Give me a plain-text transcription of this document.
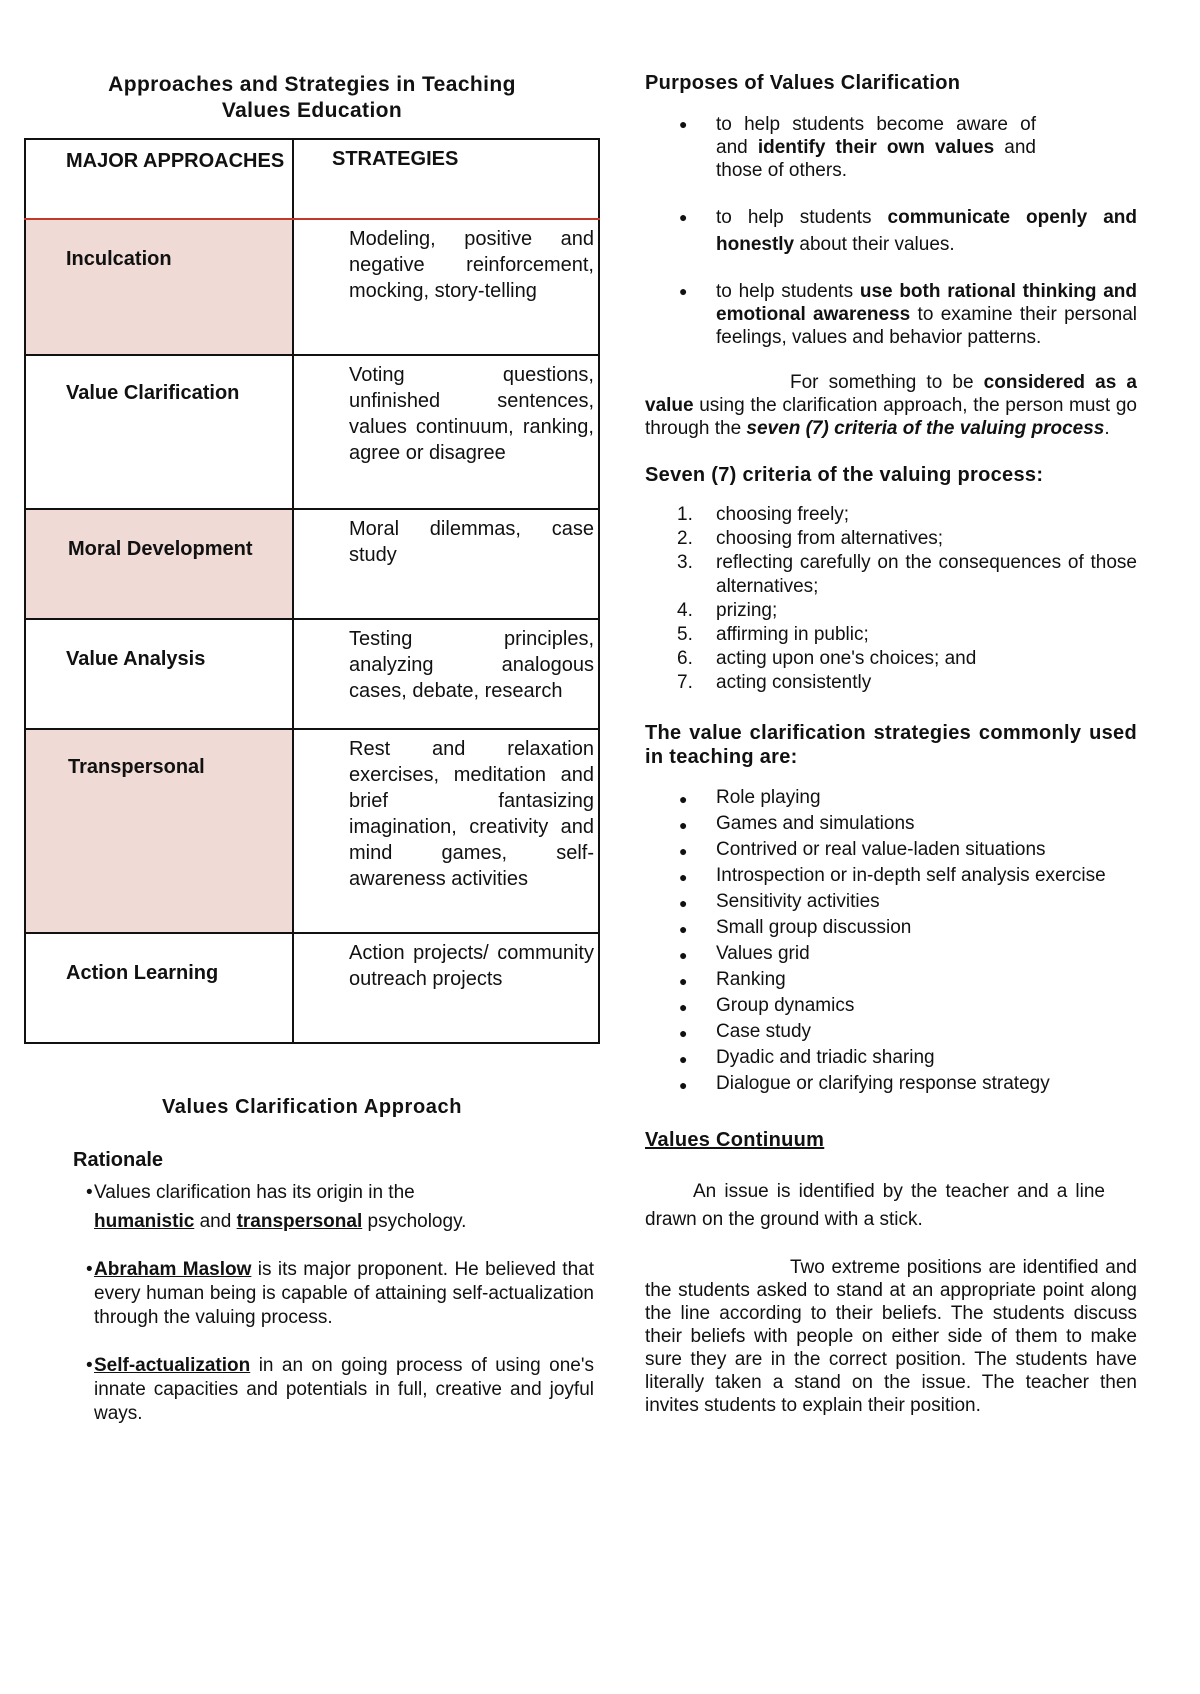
Approaches and Strategies in Teaching
Values Education
MAJOR APPROACHES	STRATEGIES
Inculcation	Modeling, positive and negative reinforcement, mocking, story-telling
Value Clarification	Voting questions, unfinished sentences, values continuum, ranking, agree or disagree
Moral Development	Moral dilemmas, case study
Value Analysis	Testing principles, analyzing analogous cases, debate, research
Transpersonal	Rest and relaxation exercises, meditation and brief fantasizing imagination, creativity and mind games, self-awareness activities
Action Learning	Action projects/ community outreach projects
Values Clarification Approach
Rationale
• Values clarification has its origin in the
humanistic and transpersonal psychology.
• Abraham Maslow is its major proponent. He believed that every human being is capable of attaining self-actualization through the valuing process.
• Self-actualization in an on going process of using one's innate capacities and potentials in full, creative and joyful ways.
Purposes of Values Clarification
● to help students become aware of and identify their own values and those of others.
● to help students communicate openly and honestly about their values.
● to help students use both rational thinking and emotional awareness to examine their personal feelings, values and behavior patterns.
For something to be considered as a value using the clarification approach, the person must go through the seven (7) criteria of the valuing process.
Seven (7) criteria of the valuing process:
1. choosing freely;
2. choosing from alternatives;
3. reflecting carefully on the consequences of those alternatives;
4. prizing;
5. affirming in public;
6. acting upon one's choices; and
7. acting consistently
The value clarification strategies commonly used in teaching are:
● Role playing
● Games and simulations
● Contrived or real value-laden situations
● Introspection or in-depth self analysis exercise
● Sensitivity activities
● Small group discussion
● Values grid
● Ranking
● Group dynamics
● Case study
● Dyadic and triadic sharing
● Dialogue or clarifying response strategy
Values Continuum
An issue is identified by the teacher and a line drawn on the ground with a stick.
Two extreme positions are identified and the students asked to stand at an appropriate point along the line according to their beliefs. The students discuss their beliefs with people on either side of them to make sure they are in the correct position. The students have literally taken a stand on the issue. The teacher then invites students to explain their position.
